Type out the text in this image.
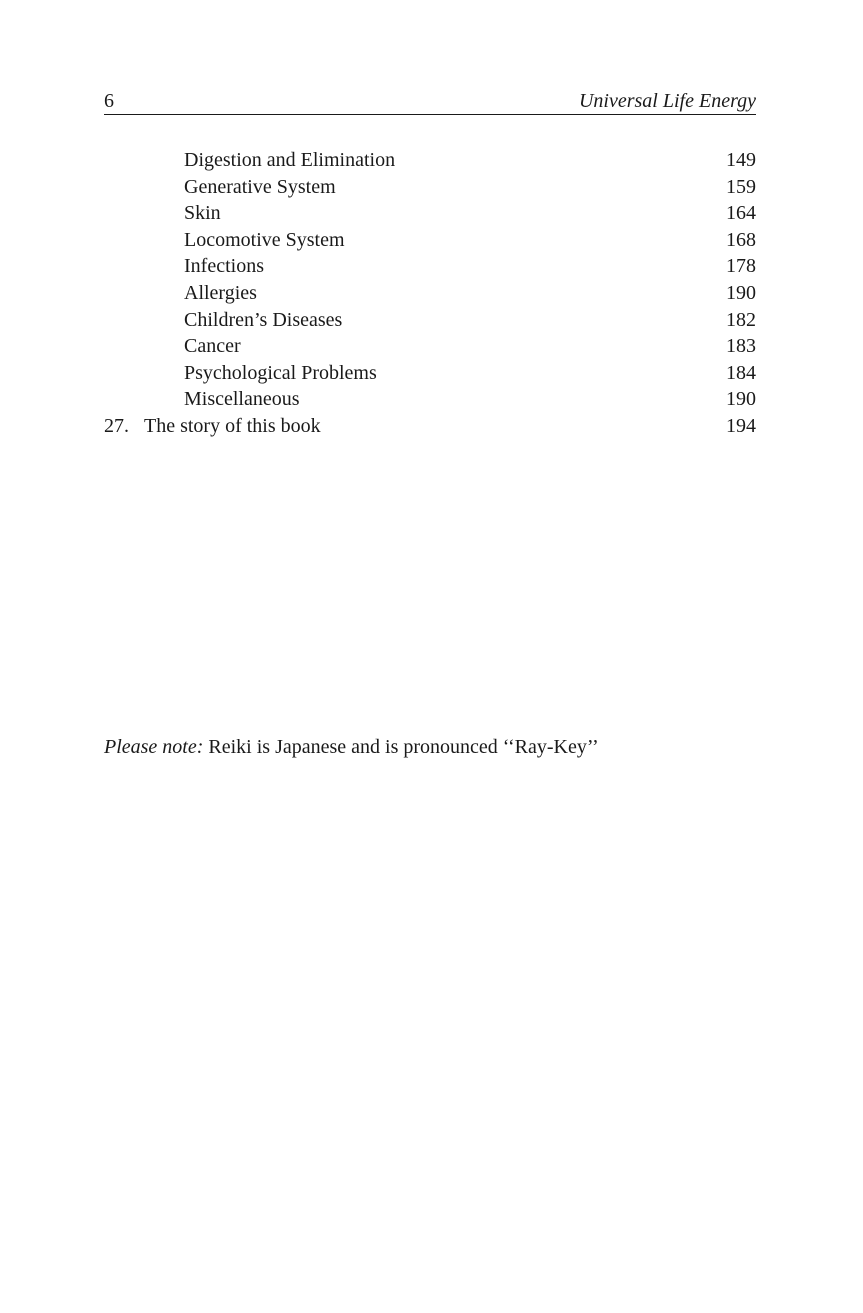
6	Universal Life Energy
Digestion and Elimination	149
Generative System	159
Skin	164
Locomotive System	168
Infections	178
Allergies	190
Children’s Diseases	182
Cancer	183
Psychological Problems	184
Miscellaneous	190
27. The story of this book	194
Please note: Reiki is Japanese and is pronounced ‘‘Ray-Key’’
